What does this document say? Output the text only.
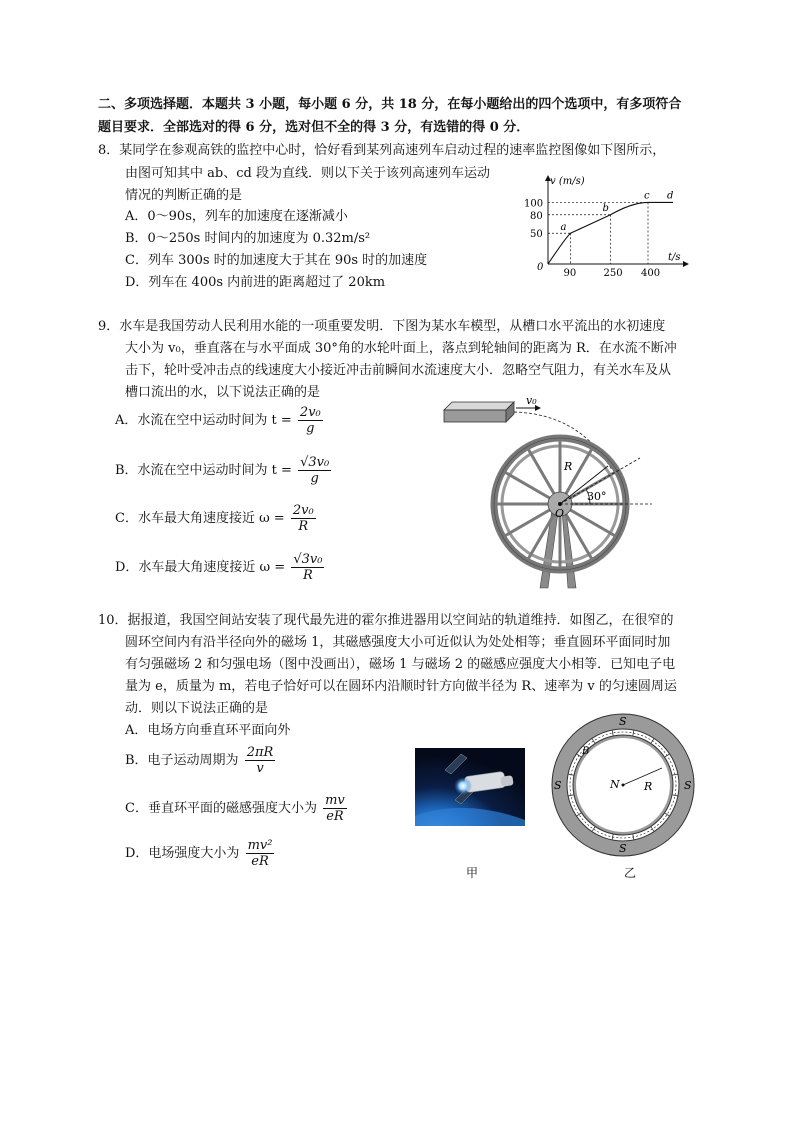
二、多项选择题．本题共 3 小题，每小题 6 分，共 18 分，在每小题给出的四个选项中，有多项符合
题目要求．全部选对的得 6 分，选对但不全的得 3 分，有选错的得 0 分．
8．某同学在参观高铁的监控中心时，恰好看到某列高速列车启动过程的速率监控图像如下图所示，
由图可知其中 ab、cd 段为直线．则以下关于该列高速列车运动
情况的判断正确的是
A．0～90s，列车的加速度在逐渐减小
B．0～250s 时间内的加速度为 0.32m/s²
C．列车 300s 时的加速度大于其在 90s 时的加速度
D．列车在 400s 内前进的距离超过了 20km
v (m/s)
t/s
0
90	250 400
50
80
100
a
b
c d
9．水车是我国劳动人民利用水能的一项重要发明．下图为某水车模型，从槽口水平流出的水初速度
大小为 v₀，垂直落在与水平面成 30°角的水轮叶面上，落点到轮轴间的距离为 R．在水流不断冲
击下，轮叶受冲击点的线速度大小接近冲击前瞬间水流速度大小．忽略空气阻力，有关水车及从
槽口流出的水，以下说法正确的是
A．水流在空中运动时间为 $t = \frac{\text{2v₀}}{g}$
B．水流在空中运动时间为 $t = \frac{\text{√3v₀}}{g}$
C．水车最大角速度接近 $\omega = \frac{\text{2v₀}}{R}$
D．水车最大角速度接近 $\omega = \frac{\text{√3v₀}}{R}$
v₀
R
30°
O
10．据报道，我国空间站安装了现代最先进的霍尔推进器用以空间站的轨道维持．如图乙，在很窄的
圆环空间内有沿半径向外的磁场 1，其磁感强度大小可近似认为处处相等；垂直圆环平面同时加
有匀强磁场 2 和匀强电场（图中没画出），磁场 1 与磁场 2 的磁感应强度大小相等．已知电子电
量为 e，质量为 m，若电子恰好可以在圆环内沿顺时针方向做半径为 R、速率为 v 的匀速圆周运
动．则以下说法正确的是
A．电场方向垂直环平面向外
B．电子运动周期为 $\frac{2\pi R}{v}$
C．垂直环平面的磁感强度大小为 $\frac{mv}{eR}$
D．电场强度大小为 $\frac{\text{mv²}}{eR}$
甲
N R
B
S
S
S	S
乙
